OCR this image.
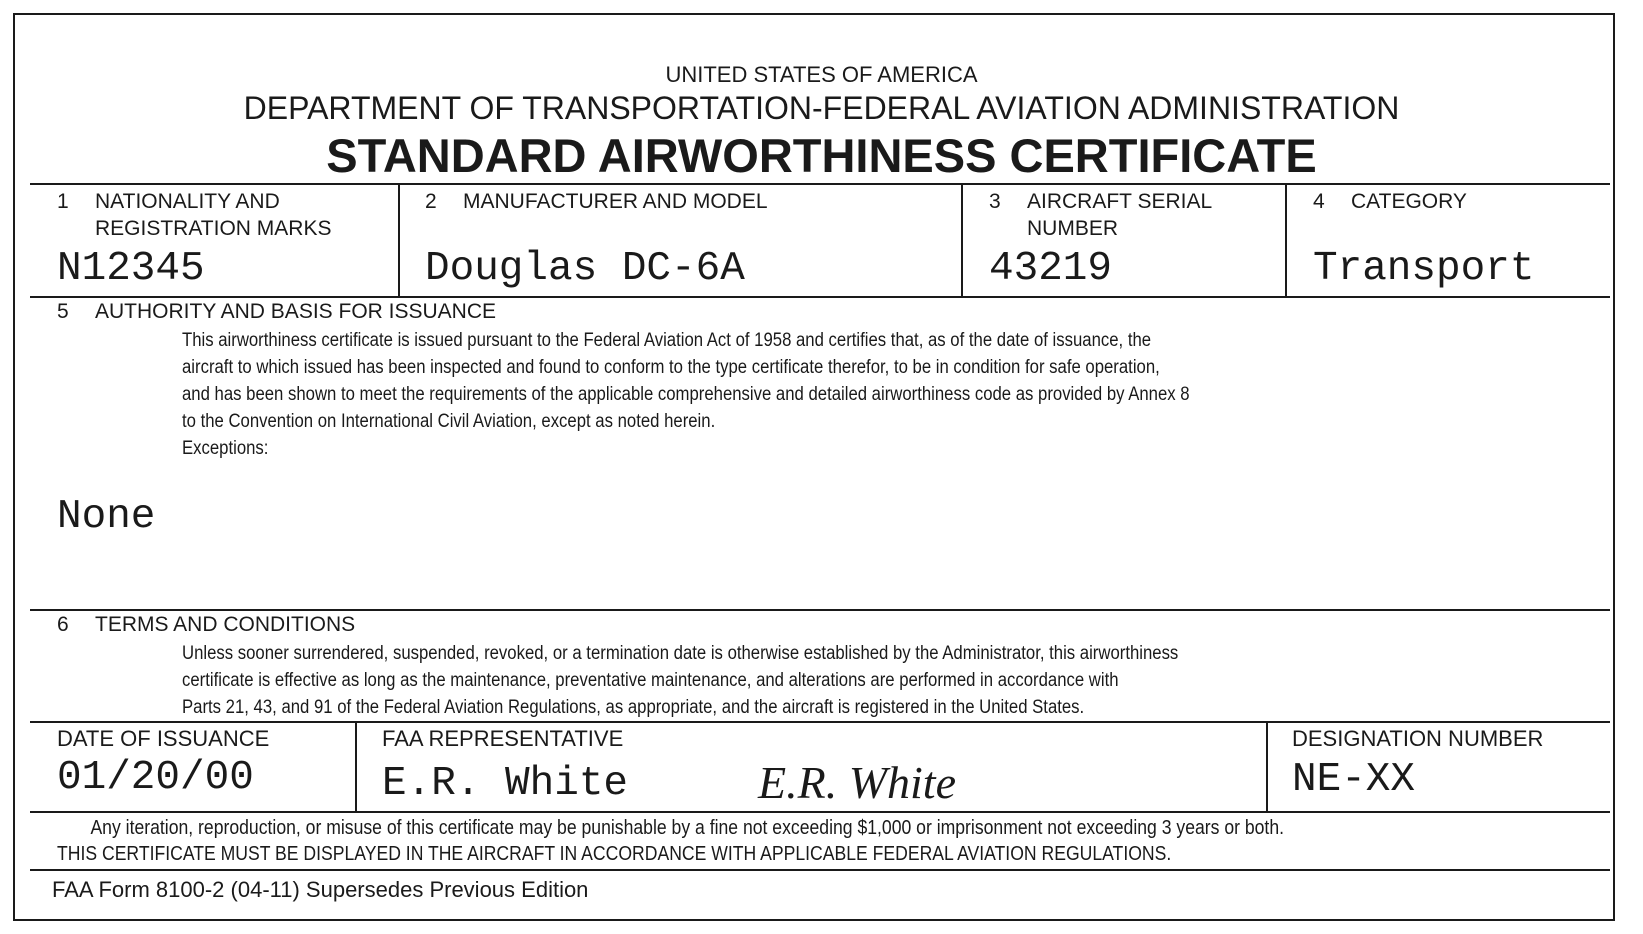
UNITED STATES OF AMERICA
DEPARTMENT OF TRANSPORTATION-FEDERAL AVIATION ADMINISTRATION
STANDARD AIRWORTHINESS CERTIFICATE
1 NATIONALITY AND
REGISTRATION MARKS
N12345
2 MANUFACTURER AND MODEL
Douglas DC-6A
3 AIRCRAFT SERIAL
NUMBER
43219
4 CATEGORY
Transport
5 AUTHORITY AND BASIS FOR ISSUANCE
This airworthiness certificate is issued pursuant to the Federal Aviation Act of 1958 and certifies that, as of the date of issuance, the
aircraft to which issued has been inspected and found to conform to the type certificate therefor, to be in condition for safe operation,
and has been shown to meet the requirements of the applicable comprehensive and detailed airworthiness code as provided by Annex 8
to the Convention on International Civil Aviation, except as noted herein.
Exceptions:
None
6 TERMS AND CONDITIONS
Unless sooner surrendered, suspended, revoked, or a termination date is otherwise established by the Administrator, this airworthiness
certificate is effective as long as the maintenance, preventative maintenance, and alterations are performed in accordance with
Parts 21, 43, and 91 of the Federal Aviation Regulations, as appropriate, and the aircraft is registered in the United States.
DATE OF ISSUANCE
01/20/00
FAA REPRESENTATIVE
E.R. White	E.R. White
DESIGNATION NUMBER
NE-XX
Any iteration, reproduction, or misuse of this certificate may be punishable by a fine not exceeding $1,000 or imprisonment not exceeding 3 years or both.
THIS CERTIFICATE MUST BE DISPLAYED IN THE AIRCRAFT IN ACCORDANCE WITH APPLICABLE FEDERAL AVIATION REGULATIONS.
FAA Form 8100-2 (04-11) Supersedes Previous Edition
